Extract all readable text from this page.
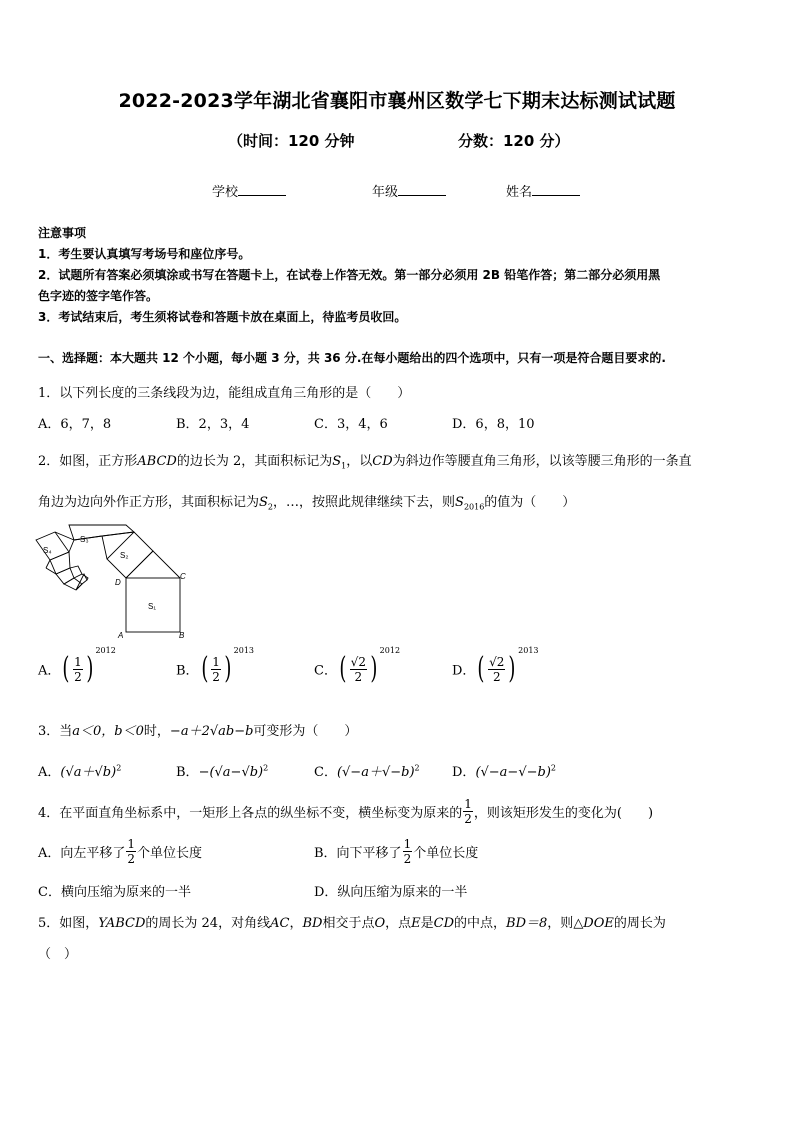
2022-2023学年湖北省襄阳市襄州区数学七下期末达标测试试题
（时间：120 分钟	分数：120 分）
学校	年级	姓名
注意事项
1．考生要认真填写考场号和座位序号。
2．试题所有答案必须填涂或书写在答题卡上，在试卷上作答无效。第一部分必须用 2B 铅笔作答；第二部分必须用黑
色字迹的签字笔作答。
3．考试结束后，考生须将试卷和答题卡放在桌面上，待监考员收回。
一、选择题：本大题共 12 个小题，每小题 3 分，共 36 分.在每小题给出的四个选项中，只有一项是符合题目要求的.
1．以下列长度的三条线段为边，能组成直角三角形的是（　　）
A．6，7，8	B．2，3，4	C．3，4，6	D．6，8，10
2．如图，正方形ABCD的边长为 2，其面积标记为$S_1$，以CD为斜边作等腰直角三角形，以该等腰三角形的一条直
角边为边向外作正方形，其面积标记为$S_2$，…，按照此规律继续下去，则$S_{2016}$的值为（　　）
S₁
S₂
S₃
S₄
A	B
C
D
A．( $\frac{1}{2} )^{2012}$
B．( $\frac{1}{2} )^{2013}$
C．( $\frac{√2}{2} )^{2012}$
D．( $\frac{√2}{2} )^{2013}$
3．当a＜0，b＜0时，−a＋2√ab−b可变形为（　　）
A．$(√a+√b)^2$	B．$-(√a-√b)^2$	C．$(√-a+√-b)^2$ D．$(√-a-√-b)^2$
4．在平面直角坐标系中，一矩形上各点的纵坐标不变，横坐标变为原来的 $\frac{1}{2}$ ，则该矩形发生的变化为(　　)
A．向左平移了 $\frac{1}{2}$ 个单位长度	B．向下平移了 $\frac{1}{2}$ 个单位长度
C．横向压缩为原来的一半	D．纵向压缩为原来的一半
5．如图，YABCD的周长为 24，对角线AC，BD相交于点O，点E是CD的中点，BD＝8，则△DOE的周长为
（　）
